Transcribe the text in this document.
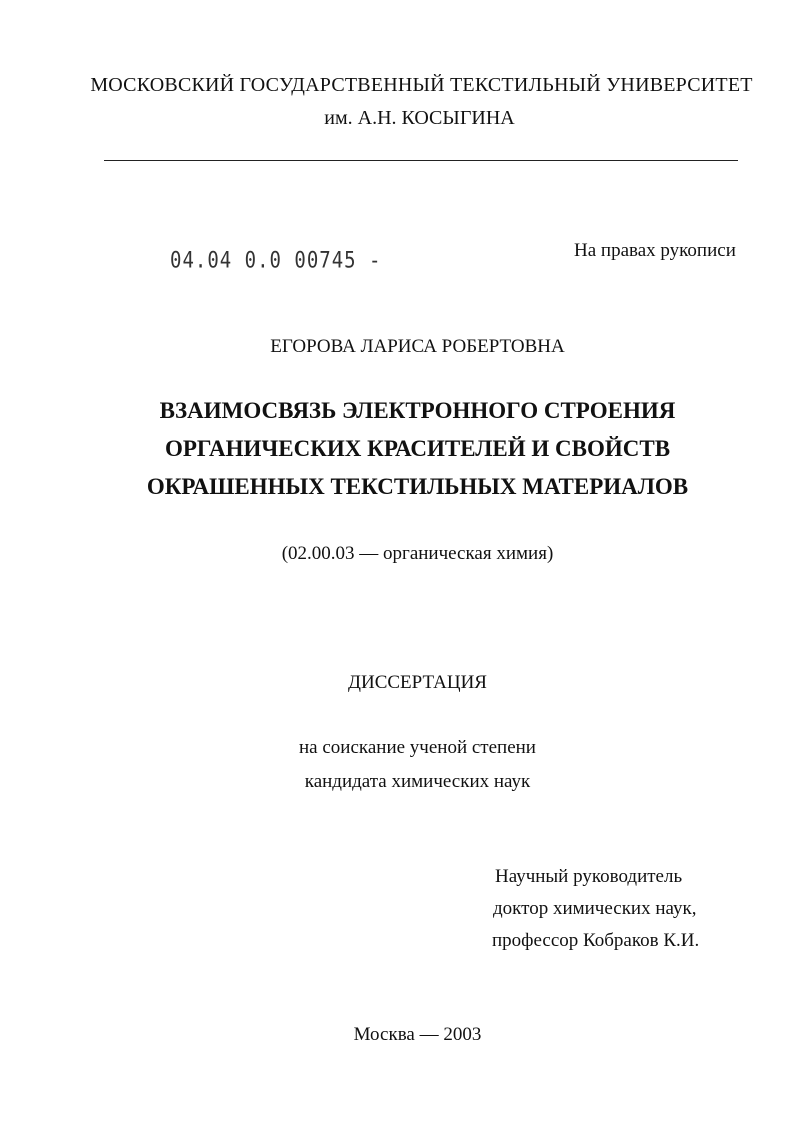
МОСКОВСКИЙ ГОСУДАРСТВЕННЫЙ ТЕКСТИЛЬНЫЙ УНИВЕРСИТЕТ
им. А.Н. КОСЫГИНА
04.04 0.0 00745 -	На правах рукописи
ЕГОРОВА ЛАРИСА РОБЕРТОВНА
ВЗАИМОСВЯЗЬ ЭЛЕКТРОННОГО СТРОЕНИЯ
ОРГАНИЧЕСКИХ КРАСИТЕЛЕЙ И СВОЙСТВ
ОКРАШЕННЫХ ТЕКСТИЛЬНЫХ МАТЕРИАЛОВ
(02.00.03 — органическая химия)
ДИССЕРТАЦИЯ
на соискание ученой степени
кандидата химических наук
Научный руководитель
доктор химических наук,
профессор Кобраков К.И.
Москва — 2003
